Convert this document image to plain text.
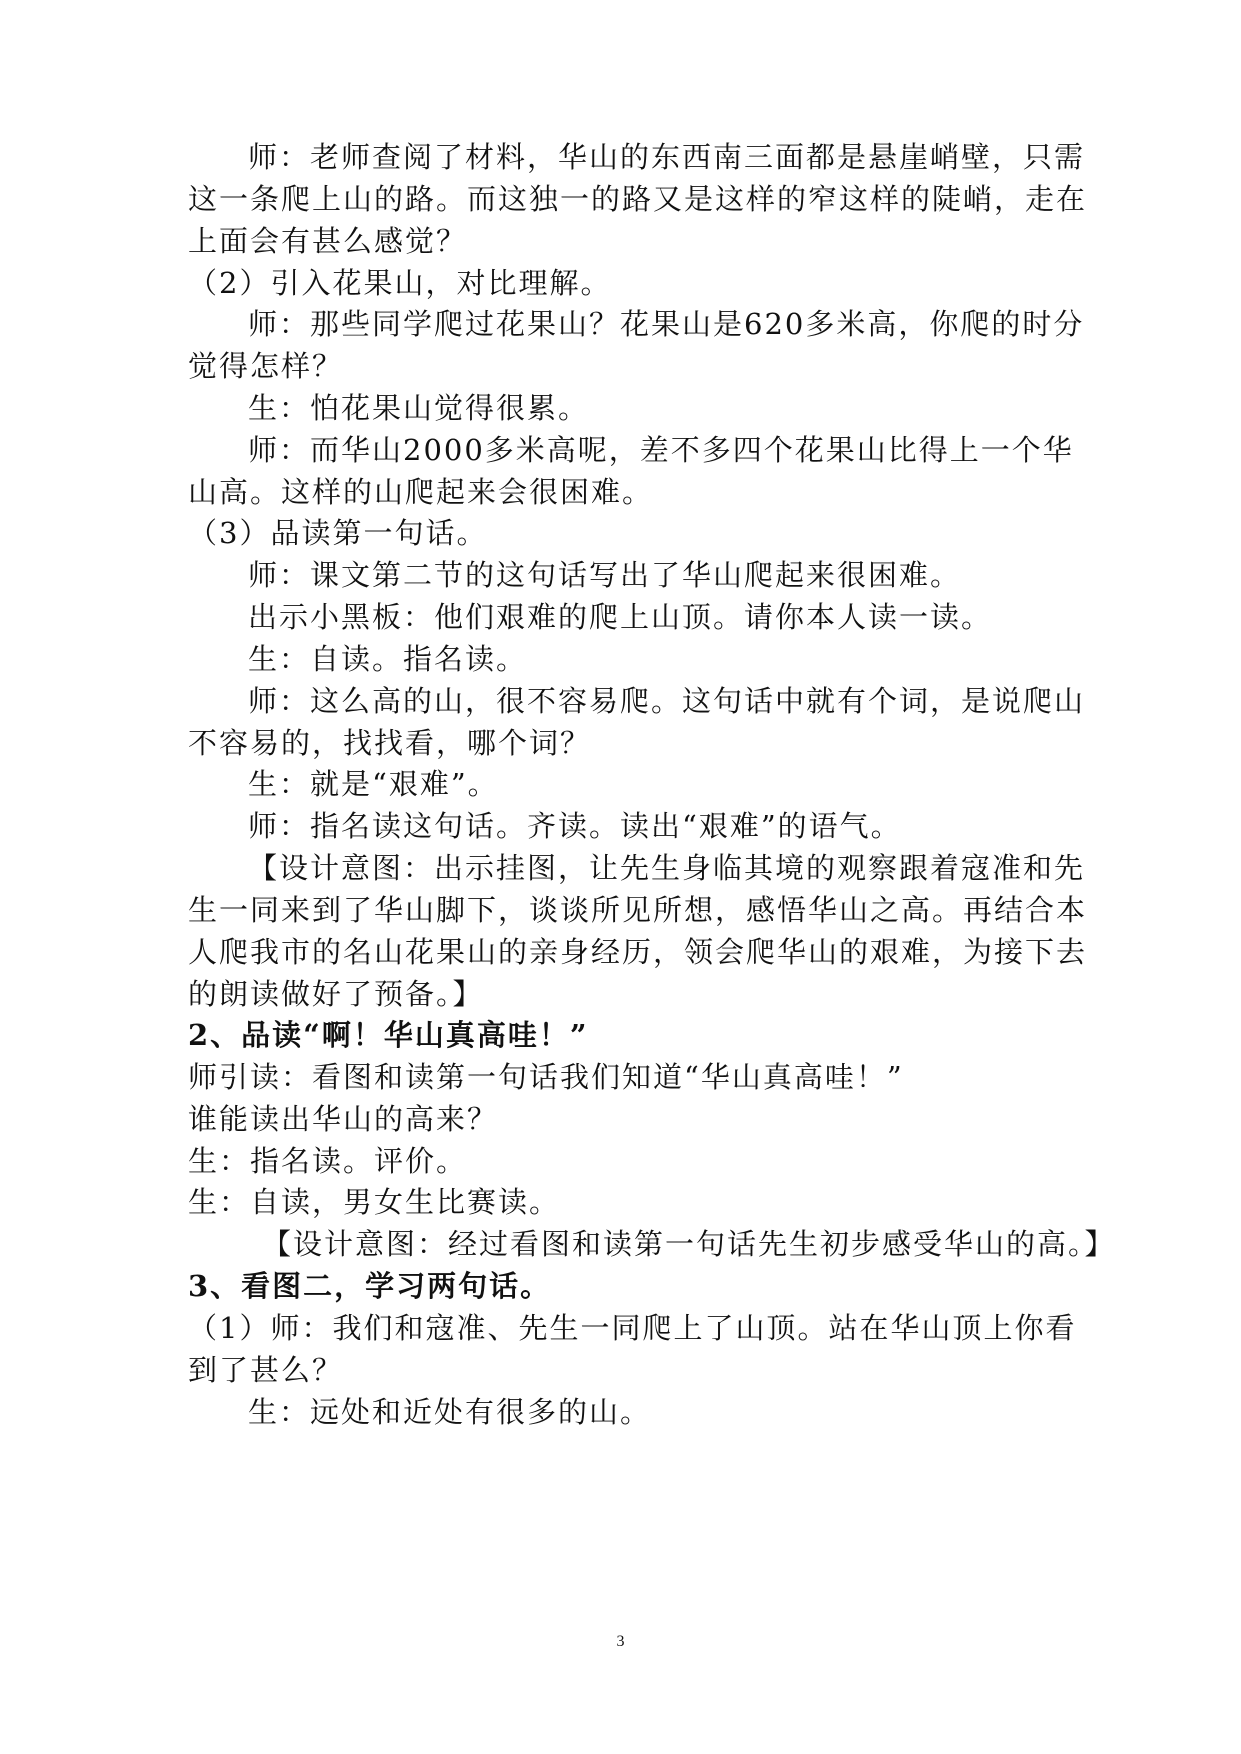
师：老师查阅了材料，华山的东西南三面都是悬崖峭壁，只需
这一条爬上山的路。而这独一的路又是这样的窄这样的陡峭，走在
上面会有甚么感觉？
（2）引入花果山，对比理解。
师：那些同学爬过花果山？花果山是620多米高，你爬的时分
觉得怎样？
生：怕花果山觉得很累。
师：而华山2000多米高呢，差不多四个花果山比得上一个华
山高。这样的山爬起来会很困难。
（3）品读第一句话。
师：课文第二节的这句话写出了华山爬起来很困难。
出示小黑板：他们艰难的爬上山顶。请你本人读一读。
生：自读。指名读。
师：这么高的山，很不容易爬。这句话中就有个词，是说爬山
不容易的，找找看，哪个词？
生：就是“艰难”。
师：指名读这句话。齐读。读出“艰难”的语气。
【设计意图：出示挂图，让先生身临其境的观察跟着寇准和先
生一同来到了华山脚下，谈谈所见所想，感悟华山之高。再结合本
人爬我市的名山花果山的亲身经历，领会爬华山的艰难，为接下去
的朗读做好了预备。】
2、品读“啊！华山真高哇！”
师引读：看图和读第一句话我们知道“华山真高哇！”
谁能读出华山的高来？
生：指名读。评价。
生：自读，男女生比赛读。
【设计意图：经过看图和读第一句话先生初步感受华山的高。】
3、看图二，学习两句话。
（1）师：我们和寇准、先生一同爬上了山顶。站在华山顶上你看
到了甚么？
生：远处和近处有很多的山。
3
